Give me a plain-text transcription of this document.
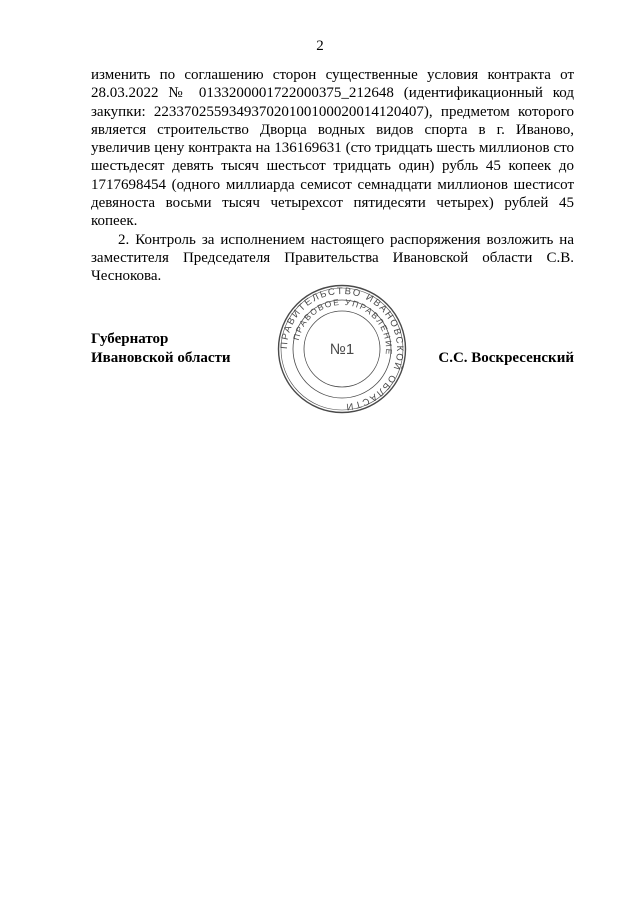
2

изменить по соглашению сторон существенные условия контракта от 28.03.2022 № 0133200001722000375_212648 (идентификационный код закупки: 223370255934937020100100020014120407), предметом которого является строительство Дворца водных видов спорта в г. Иваново, увеличив цену контракта на 136169631 (сто тридцать шесть миллионов сто шестьдесят девять тысяч шестьсот тридцать один) рубль 45 копеек до 1717698454 (одного миллиарда семисот семнадцати миллионов шестисот девяноста восьми тысяч четырехсот пятидесяти четырех) рублей 45 копеек.

2. Контроль за исполнением настоящего распоряжения возложить на заместителя Председателя Правительства Ивановской области С.В. Чеснокова.

Губернатор
Ивановской области	С.С. Воскресенский
ПРАВИТЕЛЬСТВО ИВАНОВСКОЙ ОБЛАСТИ
ПРАВОВОЕ УПРАВЛЕНИЕ
№1
